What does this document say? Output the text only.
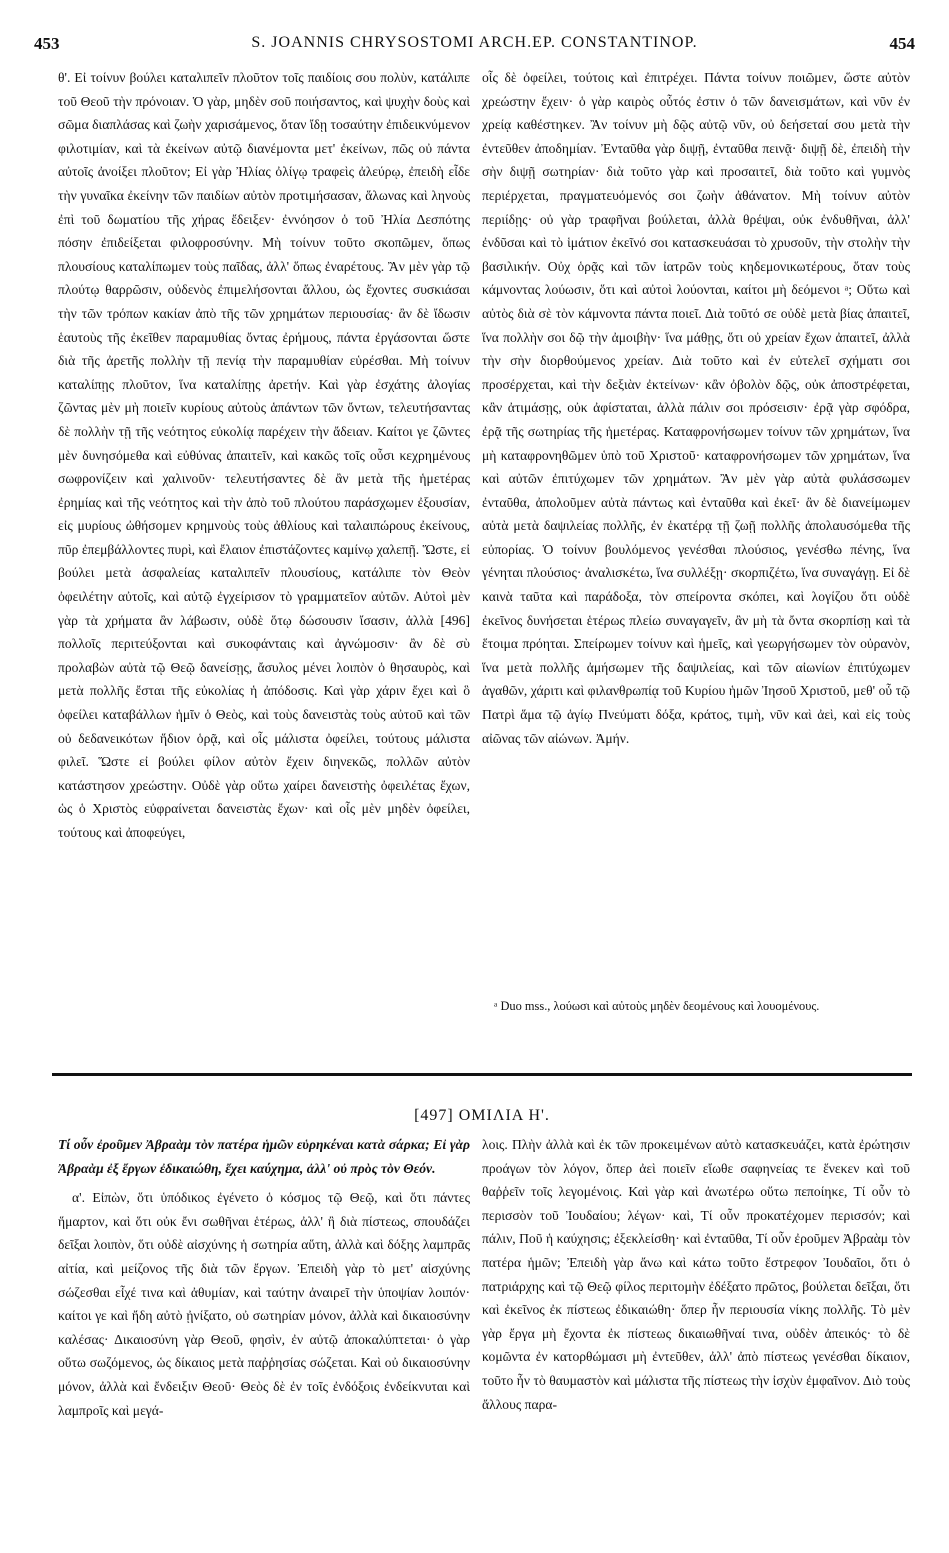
453	S. JOANNIS CHRYSOSTOMI ARCH.EP. CONSTANTINOP.	454

θ'. Εἰ τοίνυν βούλει καταλιπεῖν πλοῦτον τοῖς παιδίοις σου πολὺν, κατάλιπε τοῦ Θεοῦ τὴν πρόνοιαν. Ὁ γὰρ, μηδὲν σοῦ ποιήσαντος, καὶ ψυχὴν δοὺς καὶ σῶμα διαπλάσας καὶ ζωὴν χαρισάμενος, ὅταν ἴδῃ τοσαύτην ἐπιδεικνύμενον φιλοτιμίαν, καὶ τὰ ἐκείνων αὐτῷ διανέμοντα μετ' ἐκείνων, πῶς οὐ πάντα αὐτοῖς ἀνοίξει πλοῦτον; Εἰ γὰρ Ἠλίας ὀλίγῳ τραφεὶς ἀλεύρῳ, ἐπειδὴ εἶδε τὴν γυναῖκα ἐκείνην τῶν παιδίων αὐτὸν προτιμήσασαν, ἅλωνας καὶ ληνοὺς ἐπὶ τοῦ δωματίου τῆς χήρας ἔδειξεν· ἐννόησον ὁ τοῦ Ἠλία Δεσπότης πόσην ἐπιδείξεται φιλοφροσύνην. Μὴ τοίνυν τοῦτο σκοπῶμεν, ὅπως πλουσίους καταλίπωμεν τοὺς παῖδας, ἀλλ' ὅπως ἐναρέτους. Ἂν μὲν γὰρ τῷ πλούτῳ θαρρῶσιν, οὐδενὸς ἐπιμελήσονται ἄλλου, ὡς ἔχοντες συσκιάσαι τὴν τῶν τρόπων κακίαν ἀπὸ τῆς τῶν χρημάτων περιουσίας· ἂν δὲ ἴδωσιν ἑαυτοὺς τῆς ἐκεῖθεν παραμυθίας ὄντας ἐρήμους, πάντα ἐργάσονται ὥστε διὰ τῆς ἀρετῆς πολλὴν τῇ πενίᾳ τὴν παραμυθίαν εὑρέσθαι. Μὴ τοίνυν καταλίπῃς πλοῦτον, ἵνα καταλίπῃς ἀρετήν. Καὶ γὰρ ἐσχάτης ἀλογίας ζῶντας μὲν μὴ ποιεῖν κυρίους αὐτοὺς ἁπάντων τῶν ὄντων, τελευτήσαντας δὲ πολλὴν τῇ τῆς νεότητος εὐκολίᾳ παρέχειν τὴν ἄδειαν. Καίτοι γε ζῶντες μὲν δυνησόμεθα καὶ εὐθύνας ἀπαιτεῖν, καὶ κακῶς τοῖς οὖσι κεχρημένους σωφρονίζειν καὶ χαλινοῦν· τελευτήσαντες δὲ ἂν μετὰ τῆς ἡμετέρας ἐρημίας καὶ τῆς νεότητος καὶ τὴν ἀπὸ τοῦ πλούτου παράσχωμεν ἐξουσίαν, εἰς μυρίους ὠθήσομεν κρημνοὺς τοὺς ἀθλίους καὶ ταλαιπώρους ἐκείνους, πῦρ ἐπεμβάλλοντες πυρὶ, καὶ ἔλαιον ἐπιστάζοντες καμίνῳ χαλεπῇ. Ὥστε, εἰ βούλει μετὰ ἀσφαλείας καταλιπεῖν πλουσίους, κατάλιπε τὸν Θεὸν ὀφειλέτην αὐτοῖς, καὶ αὐτῷ ἐγχείρισον τὸ γραμματεῖον αὐτῶν. Αὐτοὶ μὲν γὰρ τὰ χρήματα ἂν λάβωσιν, οὐδὲ ὅτῳ δώσουσιν ἴσασιν, ἀλλὰ [496] πολλοῖς περιτεύξονται καὶ συκοφάνταις καὶ ἀγνώμοσιν· ἂν δὲ σὺ προλαβὼν αὐτὰ τῷ Θεῷ δανείσῃς, ἄσυλος μένει λοιπὸν ὁ θησαυρὸς, καὶ μετὰ πολλῆς ἔσται τῆς εὐκολίας ἡ ἀπόδοσις. Καὶ γὰρ χάριν ἔχει καὶ ὃ ὀφείλει καταβάλλων ἡμῖν ὁ Θεὸς, καὶ τοὺς δανειστὰς τοὺς αὐτοῦ καὶ τῶν οὐ δεδανεικότων ἥδιον ὁρᾷ, καὶ οἷς μάλιστα ὀφείλει, τούτους μάλιστα φιλεῖ. Ὥστε εἰ βούλει φίλον αὐτὸν ἔχειν διηνεκῶς, πολλῶν αὐτὸν κατάστησον χρεώστην. Οὐδὲ γὰρ οὕτω χαίρει δανειστὴς ὀφειλέτας ἔχων, ὡς ὁ Χριστὸς εὐφραίνεται δανειστὰς ἔχων· καὶ οἷς μὲν μηδὲν ὀφείλει, τούτους καὶ ἀποφεύγει,

οἷς δὲ ὀφείλει, τούτοις καὶ ἐπιτρέχει. Πάντα τοίνυν ποιῶμεν, ὥστε αὐτὸν χρεώστην ἔχειν· ὁ γὰρ καιρὸς οὗτός ἐστιν ὁ τῶν δανεισμάτων, καὶ νῦν ἐν χρείᾳ καθέστηκεν. Ἂν τοίνυν μὴ δῷς αὐτῷ νῦν, οὐ δεήσεταί σου μετὰ τὴν ἐντεῦθεν ἀποδημίαν. Ἐνταῦθα γὰρ διψῇ, ἐνταῦθα πεινᾷ· διψῇ δὲ, ἐπειδὴ τὴν σὴν διψῇ σωτηρίαν· διὰ τοῦτο γὰρ καὶ προσαιτεῖ, διὰ τοῦτο καὶ γυμνὸς περιέρχεται, πραγματευόμενός σοι ζωὴν ἀθάνατον. Μὴ τοίνυν αὐτὸν περιίδῃς· οὐ γὰρ τραφῆναι βούλεται, ἀλλὰ θρέψαι, οὐκ ἐνδυθῆναι, ἀλλ' ἐνδῦσαι καὶ τὸ ἱμάτιον ἐκεῖνό σοι κατασκευάσαι τὸ χρυσοῦν, τὴν στολὴν τὴν βασιλικήν. Οὐχ ὁρᾷς καὶ τῶν ἰατρῶν τοὺς κηδεμονικωτέρους, ὅταν τοὺς κάμνοντας λούωσιν, ὅτι καὶ αὐτοὶ λούονται, καίτοι μὴ δεόμενοι ᵃ; Οὕτω καὶ αὐτὸς διὰ σὲ τὸν κάμνοντα πάντα ποιεῖ. Διὰ τοῦτό σε οὐδὲ μετὰ βίας ἀπαιτεῖ, ἵνα πολλὴν σοι δῷ τὴν ἀμοιβὴν· ἵνα μάθῃς, ὅτι οὐ χρείαν ἔχων ἀπαιτεῖ, ἀλλὰ τὴν σὴν διορθούμενος χρείαν. Διὰ τοῦτο καὶ ἐν εὐτελεῖ σχήματι σοι προσέρχεται, καὶ τὴν δεξιὰν ἐκτείνων· κἂν ὀβολὸν δῷς, οὐκ ἀποστρέφεται, κἂν ἀτιμάσῃς, οὐκ ἀφίσταται, ἀλλὰ πάλιν σοι πρόσεισιν· ἐρᾷ γὰρ σφόδρα, ἐρᾷ τῆς σωτηρίας τῆς ἡμετέρας. Καταφρονήσωμεν τοίνυν τῶν χρημάτων, ἵνα μὴ καταφρονηθῶμεν ὑπὸ τοῦ Χριστοῦ· καταφρονήσωμεν τῶν χρημάτων, ἵνα καὶ αὐτῶν ἐπιτύχωμεν τῶν χρημάτων. Ἂν μὲν γὰρ αὐτὰ φυλάσσωμεν ἐνταῦθα, ἀπολοῦμεν αὐτὰ πάντως καὶ ἐνταῦθα καὶ ἐκεῖ· ἂν δὲ διανείμωμεν αὐτὰ μετὰ δαψιλείας πολλῆς, ἐν ἑκατέρᾳ τῇ ζωῇ πολλῆς ἀπολαυσόμεθα τῆς εὐπορίας. Ὁ τοίνυν βουλόμενος γενέσθαι πλούσιος, γενέσθω πένης, ἵνα γένηται πλούσιος· ἀναλισκέτω, ἵνα συλλέξῃ· σκορπιζέτω, ἵνα συναγάγῃ. Εἰ δὲ καινὰ ταῦτα καὶ παράδοξα, τὸν σπείροντα σκόπει, καὶ λογίζου ὅτι οὐδὲ ἐκεῖνος δυνήσεται ἑτέρως πλείω συναγαγεῖν, ἂν μὴ τὰ ὄντα σκορπίσῃ καὶ τὰ ἕτοιμα πρόηται. Σπείρωμεν τοίνυν καὶ ἡμεῖς, καὶ γεωργήσωμεν τὸν οὐρανὸν, ἵνα μετὰ πολλῆς ἀμήσωμεν τῆς δαψιλείας, καὶ τῶν αἰωνίων ἐπιτύχωμεν ἀγαθῶν, χάριτι καὶ φιλανθρωπίᾳ τοῦ Κυρίου ἡμῶν Ἰησοῦ Χριστοῦ, μεθ' οὗ τῷ Πατρὶ ἅμα τῷ ἁγίῳ Πνεύματι δόξα, κράτος, τιμὴ, νῦν καὶ ἀεὶ, καὶ εἰς τοὺς αἰῶνας τῶν αἰώνων. Ἀμήν.

ᵃ Duo mss., λούωσι καὶ αὐτοὺς μηδὲν δεομένους καὶ λουομένους.

[497] ΟΜΙΛΙΑ Η'.

Τί οὖν ἐροῦμεν Ἀβραὰμ τὸν πατέρα ἡμῶν εὑρηκέναι κατὰ σάρκα; Εἰ γὰρ Ἀβραὰμ ἐξ ἔργων ἐδικαιώθη, ἔχει καύχημα, ἀλλ' οὐ πρὸς τὸν Θεόν.

α'. Εἰπὼν, ὅτι ὑπόδικος ἐγένετο ὁ κόσμος τῷ Θεῷ, καὶ ὅτι πάντες ἥμαρτον, καὶ ὅτι οὐκ ἔνι σωθῆναι ἑτέρως, ἀλλ' ἢ διὰ πίστεως, σπουδάζει δεῖξαι λοιπὸν, ὅτι οὐδὲ αἰσχύνης ἡ σωτηρία αὕτη, ἀλλὰ καὶ δόξης λαμπρᾶς αἰτία, καὶ μείζονος τῆς διὰ τῶν ἔργων. Ἐπειδὴ γὰρ τὸ μετ' αἰσχύνης σώζεσθαι εἶχέ τινα καὶ ἀθυμίαν, καὶ ταύτην ἀναιρεῖ τὴν ὑποψίαν λοιπόν· καίτοι γε καὶ ἤδη αὐτὸ ᾐνίξατο, οὐ σωτηρίαν μόνον, ἀλλὰ καὶ δικαιοσύνην καλέσας· Δικαιοσύνη γὰρ Θεοῦ, φησὶν, ἐν αὐτῷ ἀποκαλύπτεται· ὁ γὰρ οὕτω σωζόμενος, ὡς δίκαιος μετὰ παῤῥησίας σώζεται. Καὶ οὐ δικαιοσύνην μόνον, ἀλλὰ καὶ ἔνδειξιν Θεοῦ· Θεὸς δὲ ἐν τοῖς ἐνδόξοις ἐνδείκνυται καὶ λαμπροῖς καὶ μεγά-

λοις. Πλὴν ἀλλὰ καὶ ἐκ τῶν προκειμένων αὐτὸ κατασκευάζει, κατὰ ἐρώτησιν προάγων τὸν λόγον, ὅπερ ἀεὶ ποιεῖν εἴωθε σαφηνείας τε ἕνεκεν καὶ τοῦ θαῤῥεῖν τοῖς λεγομένοις. Καὶ γὰρ καὶ ἀνωτέρω οὕτω πεποίηκε, Τί οὖν τὸ περισσὸν τοῦ Ἰουδαίου; λέγων· καὶ, Τί οὖν προκατέχομεν περισσόν; καὶ πάλιν, Ποῦ ἡ καύχησις; ἐξεκλείσθη· καὶ ἐνταῦθα, Τί οὖν ἐροῦμεν Ἀβραὰμ τὸν πατέρα ἡμῶν; Ἐπειδὴ γὰρ ἄνω καὶ κάτω τοῦτο ἔστρεφον Ἰουδαῖοι, ὅτι ὁ πατριάρχης καὶ τῷ Θεῷ φίλος περιτομὴν ἐδέξατο πρῶτος, βούλεται δεῖξαι, ὅτι καὶ ἐκεῖνος ἐκ πίστεως ἐδικαιώθη· ὅπερ ἦν περιουσία νίκης πολλῆς. Τὸ μὲν γὰρ ἔργα μὴ ἔχοντα ἐκ πίστεως δικαιωθῆναί τινα, οὐδὲν ἀπεικός· τὸ δὲ κομῶντα ἐν κατορθώμασι μὴ ἐντεῦθεν, ἀλλ' ἀπὸ πίστεως γενέσθαι δίκαιον, τοῦτο ἦν τὸ θαυμαστὸν καὶ μάλιστα τῆς πίστεως τὴν ἰσχὺν ἐμφαῖνον. Διὸ τοὺς ἄλλους παρα-
